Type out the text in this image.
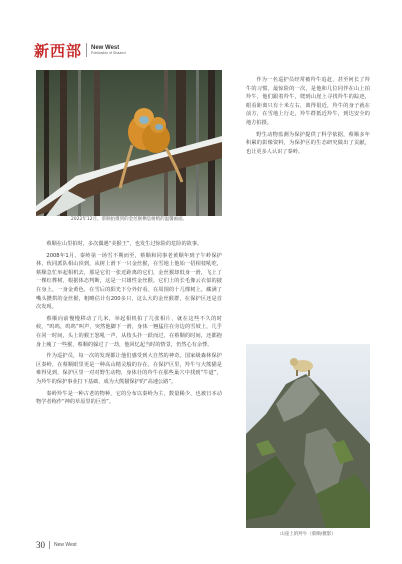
新西部 New West
Publication of Shaanxi
2022年12月，蔡顺拍摄到的金丝猴栖息树梢的温馨画面。

蔡顺在山里拍时，多次偶遇“美猴王”，也发生过惊险的危险的故事。

2008年1月，秦岭第一场雪不期而至，蔡顺和同事老黄顺年到子午岭保护林，伙同派队相山顶到，从树上滑下一只金丝猴，在雪地上他始一招相枝吼吃，蔡顺急忙举起相机去，那是它们一张近距离的它们，金丝猴却低身一滑，飞上了一棵红桦树，根据体态判断，这是一只雄性金丝猴。它们上的长毛像云衣似的披在身上，一身金黄色，在雪后的阳光下分外好看。在周围的十几棵树上，藏满了嘴头攒拱的金丝猴，粗略估计有200多只，这么大的金丝猴群，在保护区还是首次发现。

蔡顺向前慢慢移动了几米，举起相机拍了几张相片，就在这些不久的时候，“呜呜，呜呜”叫声，突然他脚下一滑，身体一翘猛往在旁边的雪坡上，几乎在同一时间，头上的猴王怒吼一声，从枝头扑一跃而过，在蔡顺的时间，还都抱身上瘦了一些猴，蔡顺的躲过了一劫，他回忆起当时的情景，仍然心有余悸。

作为巡护员，每一次的发现都让他们感受到大自然的神奇。国家级森林保护区秦岭，在蔡顺眼里更是一种高山精灵般的存在。在保护区里，羚牛与大熊猫是难得见到，保护区里一对对野生动物，身体壮的羚牛在那些巢穴中找到“牛道”，为羚牛的保护事业打下基础，成为大熊猫保护的“高速公路”。

秦岭羚牛是一种古老的物种，它的分布以秦岭为主，数量稀少，也被日本动物学者称作“神的草原里的巨兽”。

作为一名巡护员经常被羚牛追赶，甚至何长了羚牛的习惯，最惊险的一次，是他和几位同伴在山上拍羚牛，他们跟着羚牛，爬到山崖上寻找羚牛的踪迹，眼看距离只有十米左右，离得很近，羚牛的身子就在前方，在雪地上行走，羚牛群抵近羚牛，到达安全的地方拍摄。

野生动物监测为保护提供了科学依据，蔡顺多年积累的影像资料，为保护区的生态研究做出了贡献，也让更多人认识了秦岭。

山崖上的羚牛（蔡顺/摄影）
30 New West
